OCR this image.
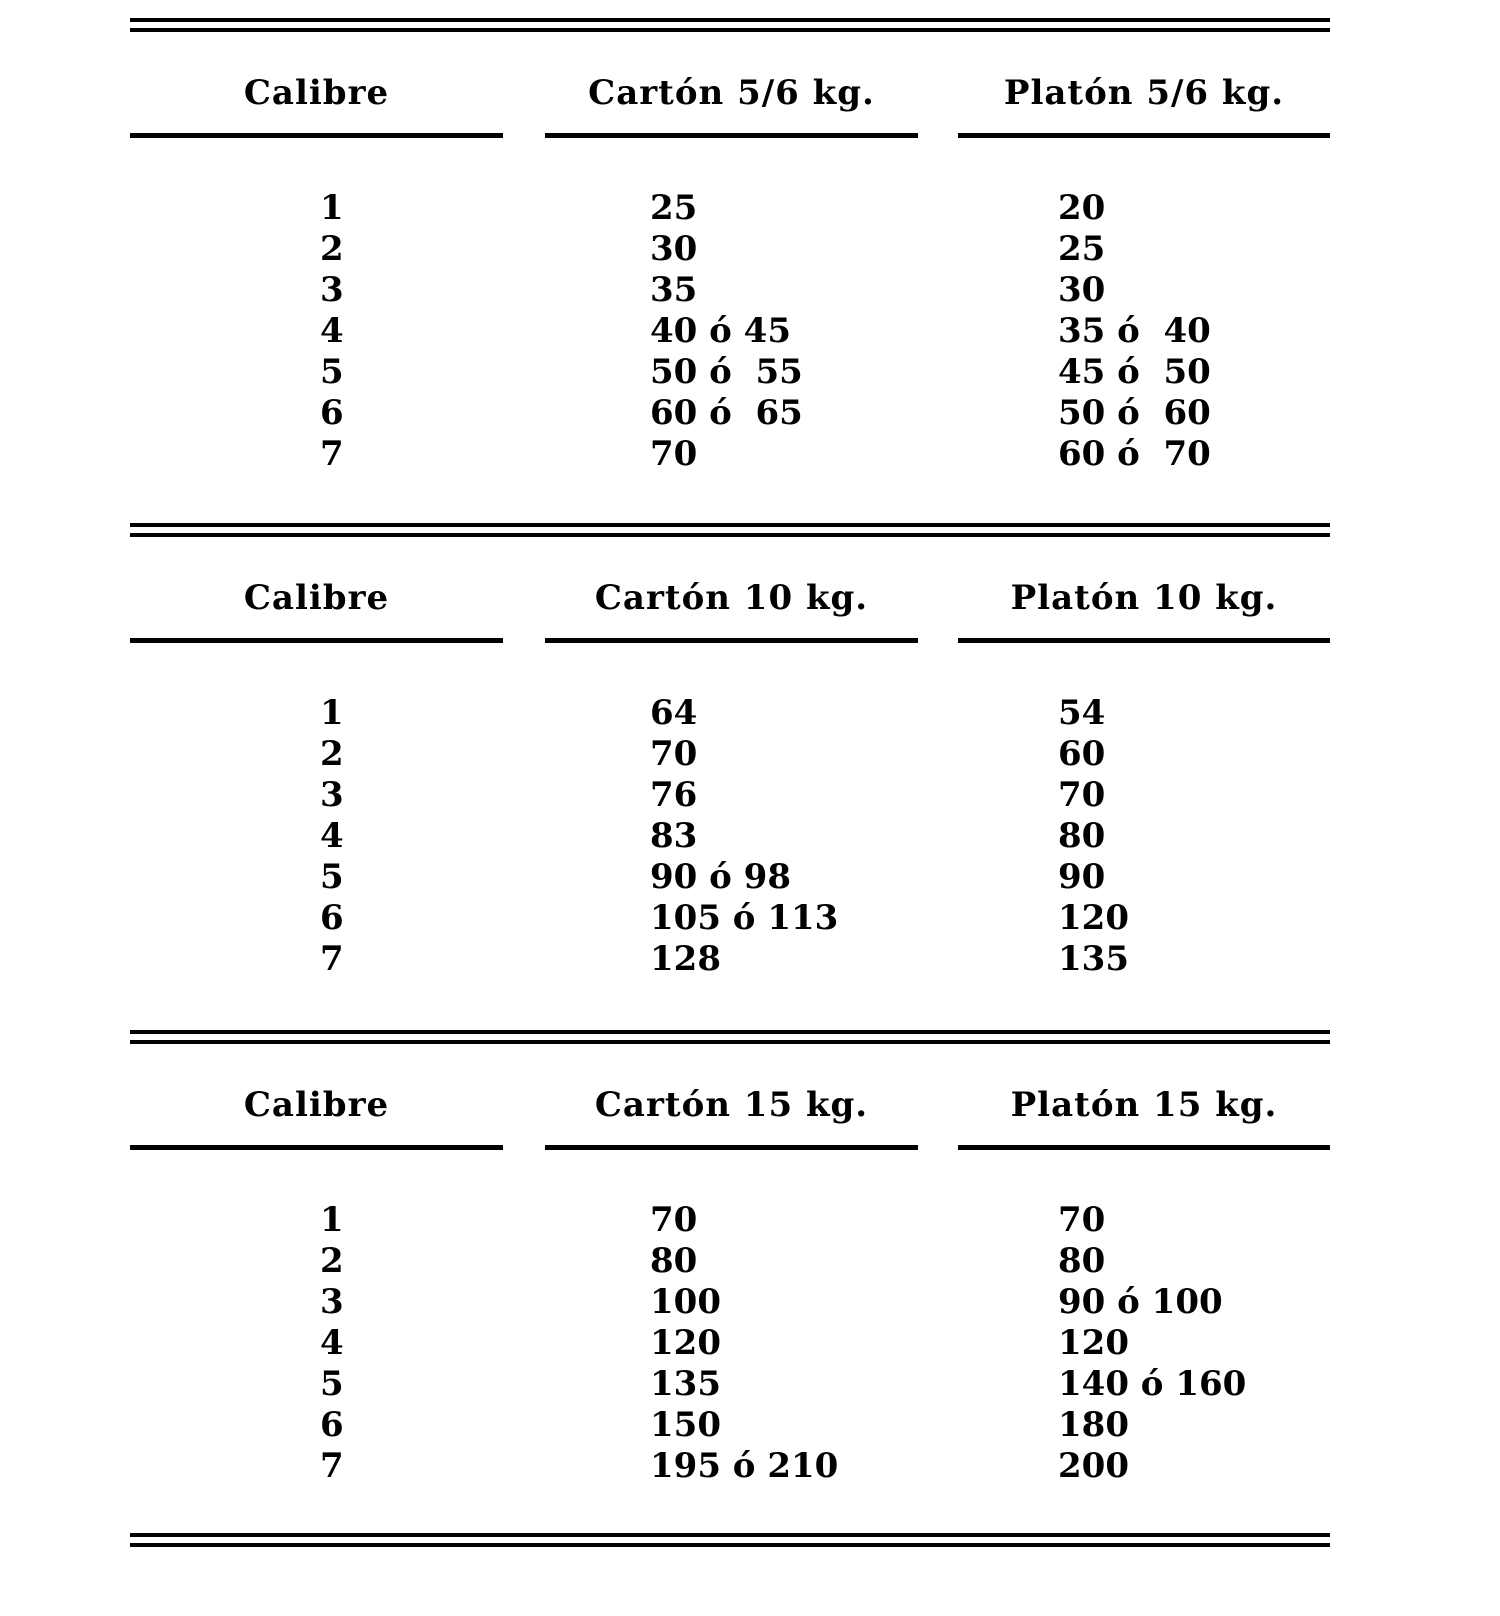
Calibre
1
2
3
4
5
6
7
Cartón 5/6 kg.
25
30
35
40 ó 45
50 ó  55
60 ó  65
70
Platón 5/6 kg.
20
25
30
35 ó  40
45 ó  50
50 ó  60
60 ó  70
Calibre
1
2
3
4
5
6
7
Cartón 10 kg.
64
70
76
83
90 ó 98
105 ó 113
128
Platón 10 kg.
54
60
70
80
90
120
135
Calibre
1
2
3
4
5
6
7
Cartón 15 kg.
70
80
100
120
135
150
195 ó 210
Platón 15 kg.
70
80
90 ó 100
120
140 ó 160
180
200
